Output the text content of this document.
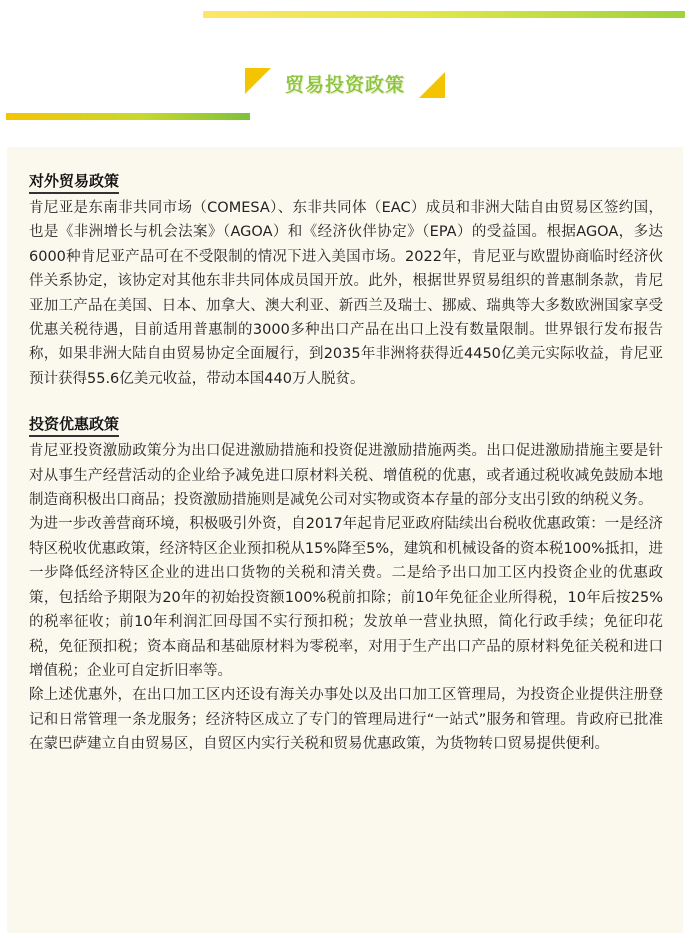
贸易投资政策
对外贸易政策

肯尼亚是东南非共同市场（COMESA）、东非共同体（EAC）成员和非洲大陆自由贸易区签约国，也是《非洲增长与机会法案》（AGOA）和《经济伙伴协定》（EPA）的受益国。根据AGOA，多达6000种肯尼亚产品可在不受限制的情况下进入美国市场。2022年，肯尼亚与欧盟协商临时经济伙伴关系协定，该协定对其他东非共同体成员国开放。此外，根据世界贸易组织的普惠制条款，肯尼亚加工产品在美国、日本、加拿大、澳大利亚、新西兰及瑞士、挪威、瑞典等大多数欧洲国家享受优惠关税待遇，目前适用普惠制的3000多种出口产品在出口上没有数量限制。世界银行发布报告称，如果非洲大陆自由贸易协定全面履行，到2035年非洲将获得近4450亿美元实际收益，肯尼亚预计获得55.6亿美元收益，带动本国440万人脱贫。

投资优惠政策

肯尼亚投资激励政策分为出口促进激励措施和投资促进激励措施两类。出口促进激励措施主要是针对从事生产经营活动的企业给予减免进口原材料关税、增值税的优惠，或者通过税收减免鼓励本地制造商积极出口商品；投资激励措施则是减免公司对实物或资本存量的部分支出引致的纳税义务。

为进一步改善营商环境，积极吸引外资，自2017年起肯尼亚政府陆续出台税收优惠政策：一是经济特区税收优惠政策，经济特区企业预扣税从15%降至5%，建筑和机械设备的资本税100%抵扣，进一步降低经济特区企业的进出口货物的关税和清关费。二是给予出口加工区内投资企业的优惠政策，包括给予期限为20年的初始投资额100%税前扣除；前10年免征企业所得税，10年后按25%的税率征收；前10年利润汇回母国不实行预扣税；发放单一营业执照，简化行政手续；免征印花税，免征预扣税；资本商品和基础原材料为零税率，对用于生产出口产品的原材料免征关税和进口增值税；企业可自定折旧率等。

除上述优惠外，在出口加工区内还设有海关办事处以及出口加工区管理局，为投资企业提供注册登记和日常管理一条龙服务；经济特区成立了专门的管理局进行“一站式”服务和管理。肯政府已批准在蒙巴萨建立自由贸易区，自贸区内实行关税和贸易优惠政策，为货物转口贸易提供便利。
